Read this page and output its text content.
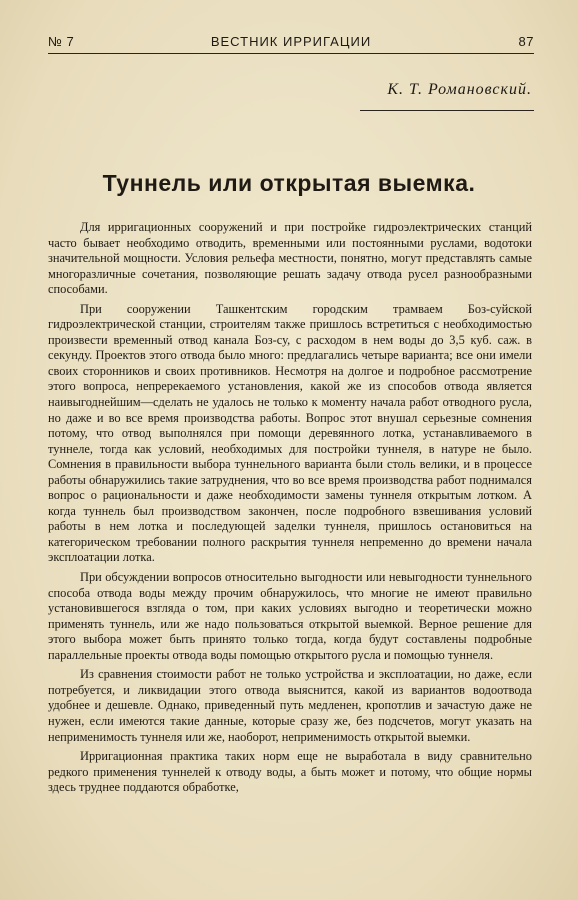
№ 7	ВЕСТНИК ИРРИГАЦИИ	87
К. Т. Романовский.
Туннель или открытая выемка.

Для ирригационных сооружений и при постройке гидроэлектрических станций часто бывает необходимо отводить, временными или постоянными руслами, водотоки значительной мощности. Условия рельефа местности, понятно, могут представлять самые многоразличные сочетания, позволяющие решать задачу отвода русел разнообразными способами.

При сооружении Ташкентским городским трамваем Боз-суйской гидроэлектрической станции, строителям также пришлось встретиться с необходимостью произвести временный отвод канала Боз-су, с расходом в нем воды до 3,5 куб. саж. в секунду. Проектов этого отвода было много: предлагались четыре варианта; все они имели своих сторонников и своих противников. Несмотря на долгое и подробное рассмотрение этого вопроса, непререкаемого установления, какой же из способов отвода является наивыгоднейшим—сделать не удалось не только к моменту начала работ отводного русла, но даже и во все время производства работы. Вопрос этот внушал серьезные сомнения потому, что отвод выполнялся при помощи деревянного лотка, устанавливаемого в туннеле, тогда как условий, необходимых для постройки туннеля, в натуре не было. Сомнения в правильности выбора туннельного варианта были столь велики, и в процессе работы обнаружились такие затруднения, что во все время производства работ поднимался вопрос о рациональности и даже необходимости замены туннеля открытым лотком. А когда туннель был производством закончен, после подробного взвешивания условий работы в нем лотка и последующей заделки туннеля, пришлось остановиться на категорическом требовании полного раскрытия туннеля непременно до времени начала эксплоатации лотка.

При обсуждении вопросов относительно выгодности или невыгодности туннельного способа отвода воды между прочим обнаружилось, что многие не имеют правильно установившегося взгляда о том, при каких условиях выгодно и теоретически можно применять туннель, или же надо пользоваться открытой выемкой. Верное решение для этого выбора может быть принято только тогда, когда будут составлены подробные параллельные проекты отвода воды помощью открытого русла и помощью туннеля.

Из сравнения стоимости работ не только устройства и эксплоатации, но даже, если потребуется, и ликвидации этого отвода выяснится, какой из вариантов водоотвода удобнее и дешевле. Однако, приведенный путь медленен, кропотлив и зачастую даже не нужен, если имеются такие данные, которые сразу же, без подсчетов, могут указать на неприменимость туннеля или же, наоборот, неприменимость открытой выемки.

Ирригационная практика таких норм еще не выработала в виду сравнительно редкого применения туннелей к отводу воды, а быть может и потому, что общие нормы здесь труднее поддаются обработке,
